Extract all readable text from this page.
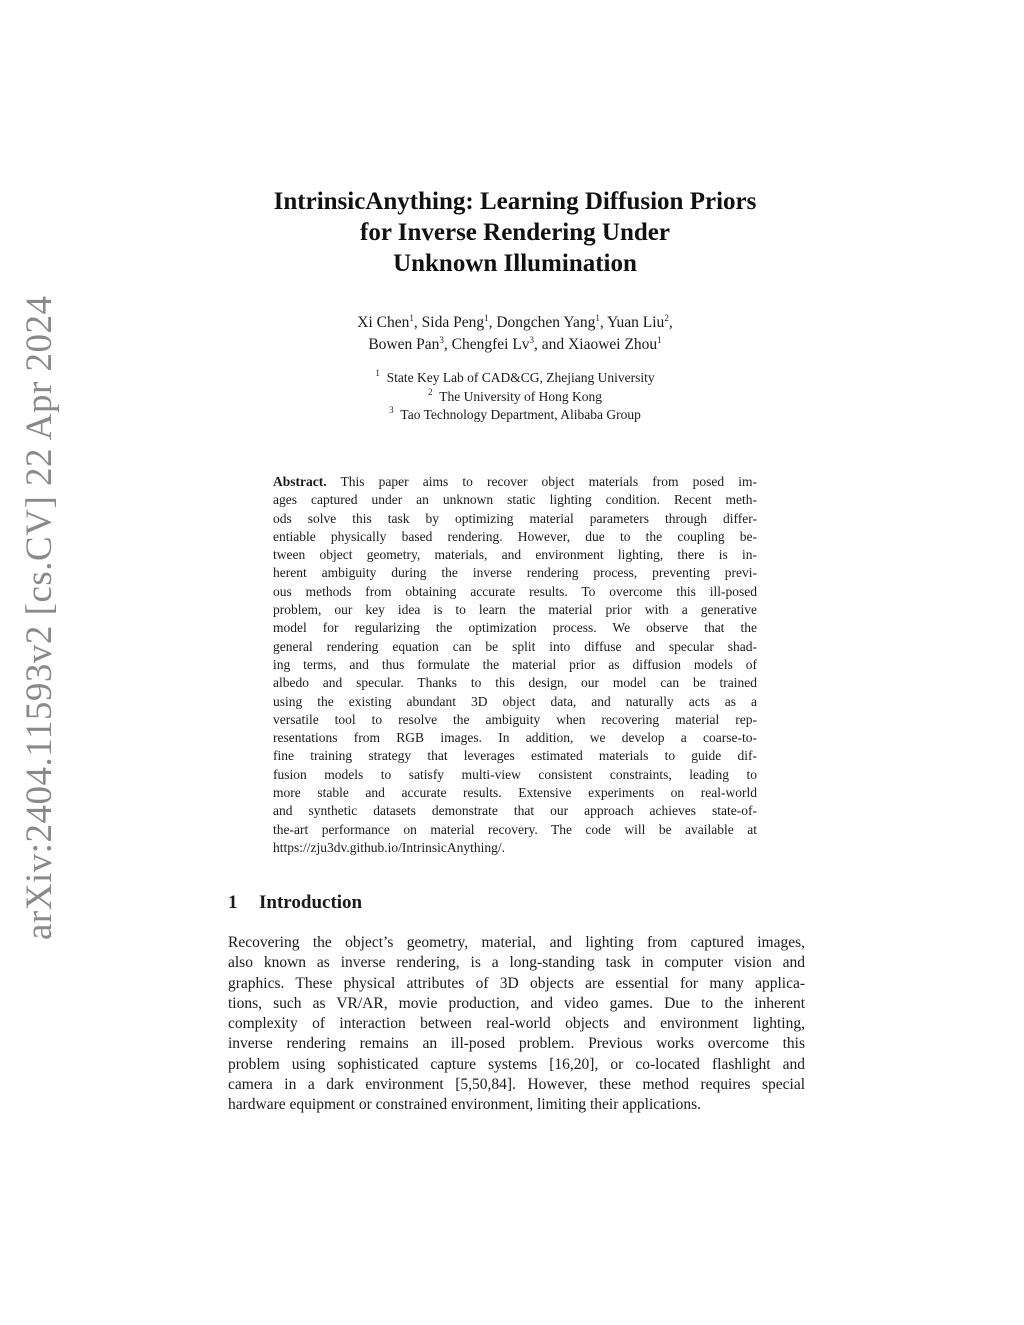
arXiv:2404.11593v2 [cs.CV] 22 Apr 2024
IntrinsicAnything: Learning Diffusion Priors
for Inverse Rendering Under
Unknown Illumination
Xi Chen$^1$, Sida Peng$^1$, Dongchen Yang$^1$, Yuan Liu$^2$,
Bowen Pan$^3$, Chengfei Lv$^3$, and Xiaowei Zhou$^1$
$^1$ State Key Lab of CAD&CG, Zhejiang University
$^2$ The University of Hong Kong
$^3$ Tao Technology Department, Alibaba Group
Abstract. This paper aims to recover object materials from posed im-
ages captured under an unknown static lighting condition. Recent meth-
ods solve this task by optimizing material parameters through differ-
entiable physically based rendering. However, due to the coupling be-
tween object geometry, materials, and environment lighting, there is in-
herent ambiguity during the inverse rendering process, preventing previ-
ous methods from obtaining accurate results. To overcome this ill-posed
problem, our key idea is to learn the material prior with a generative
model for regularizing the optimization process. We observe that the
general rendering equation can be split into diffuse and specular shad-
ing terms, and thus formulate the material prior as diffusion models of
albedo and specular. Thanks to this design, our model can be trained
using the existing abundant 3D object data, and naturally acts as a
versatile tool to resolve the ambiguity when recovering material rep-
resentations from RGB images. In addition, we develop a coarse-to-
fine training strategy that leverages estimated materials to guide dif-
fusion models to satisfy multi-view consistent constraints, leading to
more stable and accurate results. Extensive experiments on real-world
and synthetic datasets demonstrate that our approach achieves state-of-
the-art performance on material recovery. The code will be available at
https://zju3dv.github.io/IntrinsicAnything/.
1 Introduction
Recovering the object’s geometry, material, and lighting from captured images,
also known as inverse rendering, is a long-standing task in computer vision and
graphics. These physical attributes of 3D objects are essential for many applica-
tions, such as VR/AR, movie production, and video games. Due to the inherent
complexity of interaction between real-world objects and environment lighting,
inverse rendering remains an ill-posed problem. Previous works overcome this
problem using sophisticated capture systems [16,20], or co-located flashlight and
camera in a dark environment [5,50,84]. However, these method requires special
hardware equipment or constrained environment, limiting their applications.
